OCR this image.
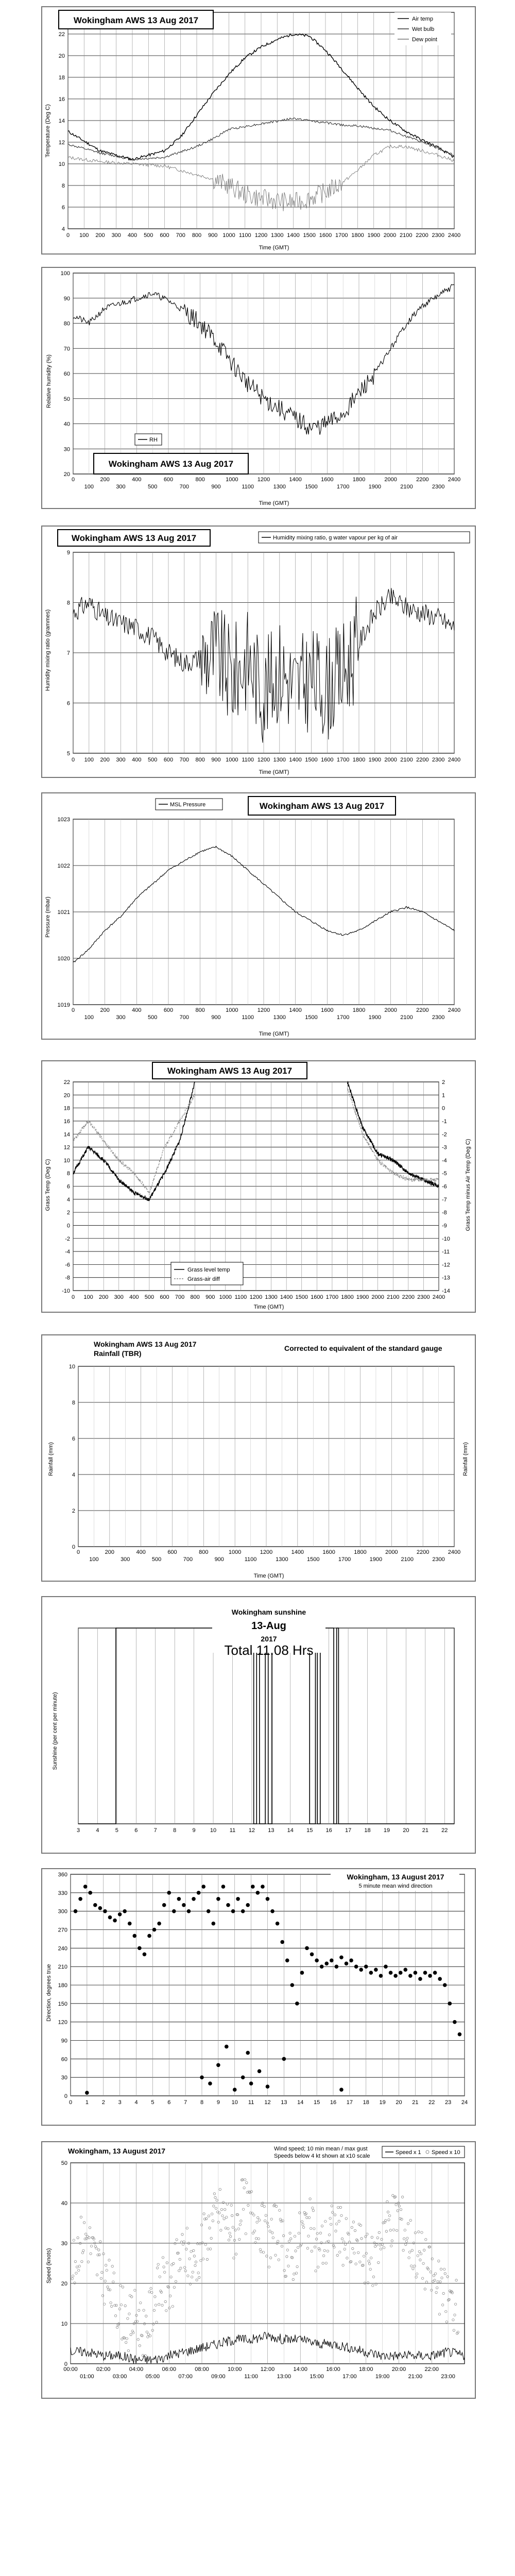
4
6
8
10
12
14
16
18
20
22
0 100 200 300 400 500 600 700 800 900 1000 1100 1200 1300 1400 1500 1600 1700 1800 1900 2000 2100 2200 2300 2400
Wokingham AWS 13 Aug 2017	Air temp
Wet bulb
Dew point
Time (GMT)
Temperature (Deg C)
20
30
40
50
60
70
80
90
100
0	200	400	600	800	1000	1200	1400	1600	1800	2000	2200	2400
100	300	500	700	900	1100	1300	1500	1700	1900	2100	2300
RH
Wokingham AWS 13 Aug 2017
Time (GMT)
Relative humidity (%)
5
6
7
8
9
0 100 200 300 400 500 600 700 800 900 1000 1100 1200 1300 1400 1500 1600 1700 1800 1900 2000 2100 2200 2300 2400
Wokingham AWS 13 Aug 2017	Humidity mixing ratio, g water vapour per kg of air
Time (GMT)
Humidity mixing ratio (grammes)
1019
1020
1021
1022
1023
0	200	400	600	800	1000	1200	1400	1600	1800	2000	2200	2400
100	300	500	700	900	1100	1300	1500	1700	1900	2100	2300
MSL Pressure	Wokingham AWS 13 Aug 2017
Time (GMT)
Pressure (mbar)
-10
-8
-6
-4
-2
0
2
4
6
8
10
12
14
16
18
20
22
-14
-13
-12
-11
-10
-9
-8
-7
-6
-5
-4
-3
-2
-1
0
1
2
0 100 200 300 400 500 600 700 800 900 1000 1100 1200 1300 1400 1500 1600 1700 1800 1900 2000 2100 2200 2300 2400
Wokingham AWS 13 Aug 2017
Grass level temp
Grass-air diff
Time (GMT)
Grass Temp (Deg C)	Grass Temp minus Air Temp (Deg C)
0
2
4
6
8
10
0	200	400	600	800	1000	1200	1400	1600	1800	2000	2200	2400
100	300	500	700	900	1100	1300	1500	1700	1900	2100	2300
Wokingham AWS 13 Aug 2017
Rainfall (TBR)
Corrected to equivalent of the standard gauge
Time (GMT)
Rainfall (mm)	Rainfall (mm)
3	4	5	6	7	8	9	10 11 12 13 14 15 16 17 18 19 20 21 22
Wokingham sunshine
13-Aug
2017
Total 11.08 Hrs
Sunshine (per cent per minute)
0
30
60
90
120
150
180
210
240
270
300
330
360
0 1 2 3 4 5 6 7 8 9 10 11 12 13 14 15 16 17 18 19 20 21 22 23 24
Wokingham, 13 August 2017
5 minute mean wind direction
Direction, degrees true
0
10
20
30
40
50
00:00	02:00	04:00	06:00	08:00	10:00	12:00	14:00	16:00	18:00	20:00	22:00
01:00	03:00	05:00	07:00	09:00	11:00	13:00	15:00	17:00	19:00	21:00	23:00
Wokingham, 13 August 2017	Wind speed; 10 min mean / max gust
Speeds below 4 kt shown at x10 scale
Speed x 1 Speed x 10
Speed (knots)
